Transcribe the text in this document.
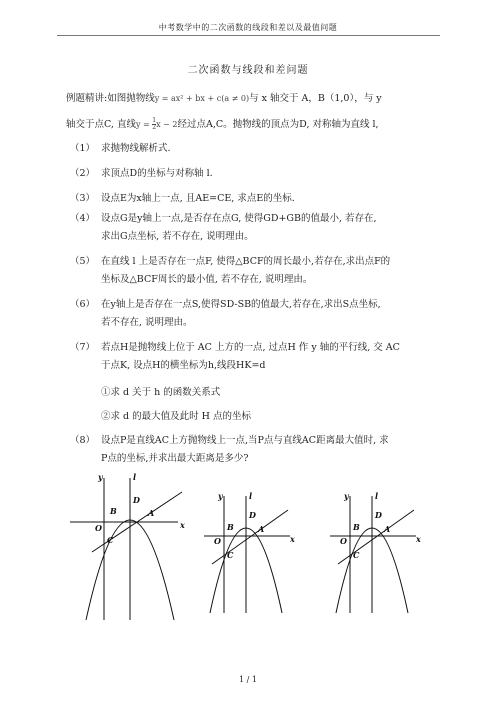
中考数学中的二次函数的线段和差以及最值问题
二次函数与线段和差问题
例题精讲:如图抛物线y = ax² + bx + c(a ≠ 0)与 x 轴交于 A，B（1,0），与 y
轴交于点C, 直线$y = \frac{1}{2}$ x − 2经过点A,C。抛物线的顶点为D, 对称轴为直线 l,
（1） 求抛物线解析式.
（2） 求顶点D的坐标与对称轴 l.
（3） 设点E为x轴上一点, 且AE=CE, 求点E的坐标.
（4） 设点G是y轴上一点,是否存在点G, 使得GD+GB的值最小, 若存在,
求出G点坐标, 若不存在, 说明理由。
（5） 在直线 l 上是否存在一点F, 使得△BCF的周长最小,若存在,求出点F的
坐标及△BCF周长的最小值, 若不存在, 说明理由。
（6） 在y轴上是否存在一点S,使得SD-SB的值最大,若存在,求出S点坐标,
若不存在, 说明理由。
（7） 若点H是抛物线上位于 AC 上方的一点, 过点H 作 y 轴的平行线, 交 AC
于点K, 设点H的横坐标为h,线段HK=d
①求 d 关于 h 的函数关系式
②求 d 的最大值及此时 H 点的坐标
（8） 设点P是直线AC上方抛物线上一点,当P点与直线AC距离最大值时, 求
P点的坐标,并求出最大距离是多少?
y	l
x
O
B	A
D
C
y	l
x
O
B	A
D
C
y	l
x
O
B	A
D
C
1 / 1
